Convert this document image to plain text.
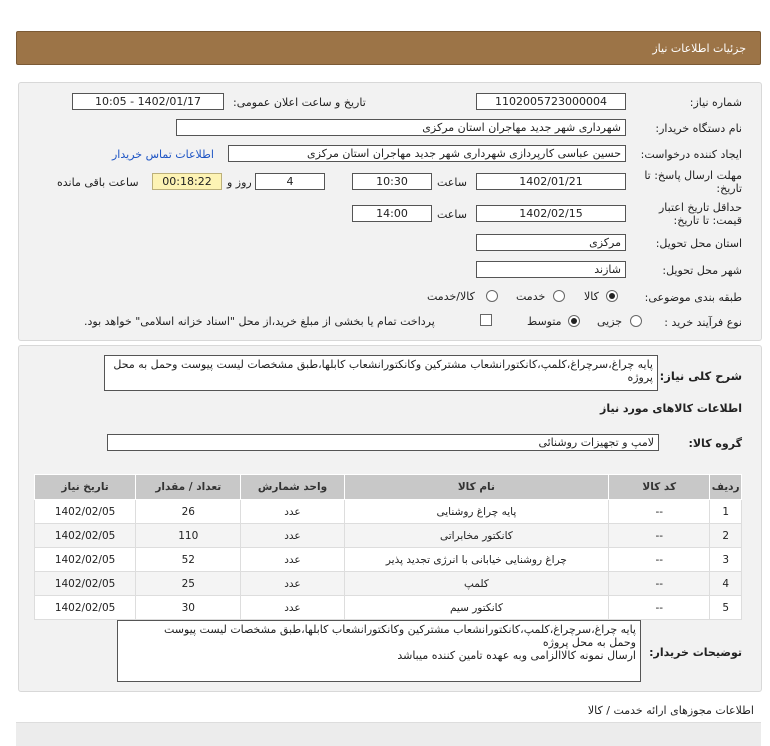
جزئیات اطلاعات نیاز
شماره نیاز:
1102005723000004
تاریخ و ساعت اعلان عمومی:
1402/01/17 - 10:05
نام دستگاه خریدار:
شهرداری شهر جدید مهاجران استان مرکزی
ایجاد کننده درخواست:
حسین عباسی کارپردازی شهرداری شهر جدید مهاجران استان مرکزی
اطلاعات تماس خریدار
مهلت ارسال پاسخ: تا
تاریخ:
1402/01/21
ساعت
10:30
4
روز و
00:18:22
ساعت باقی مانده
حداقل تاریخ اعتبار
قیمت: تا تاریخ:
1402/02/15
ساعت
14:00
استان محل تحویل:
مرکزی
شهر محل تحویل:
شازند
طبقه بندی موضوعی:
کالا
خدمت
کالا/خدمت
نوع فرآیند خرید :
جزیی
متوسط
پرداخت تمام یا بخشی از مبلغ خرید،از محل "اسناد خزانه اسلامی" خواهد بود.
شرح کلی نیاز:
پایه چراغ،سرچراغ،کلمپ،کانکتورانشعاب مشترکین وکانکتورانشعاب کابلها،طبق مشخصات لیست پیوست وحمل به محل پروژه
اطلاعات کالاهای مورد نیاز
گروه کالا:
لامپ و تجهیزات روشنائی
ردیف	کد کالا	نام کالا	واحد شمارش	تعداد / مقدار	تاریخ نیاز
1	--	پایه چراغ روشنایی	عدد	26	1402/02/05
2	--	کانکتور مخابراتی	عدد	110	1402/02/05
3	--	چراغ روشنایی خیابانی با انرژی تجدید پذیر	عدد	52	1402/02/05
4	--	کلمپ	عدد	25	1402/02/05
5	--	کانکتور سیم	عدد	30	1402/02/05
توضیحات خریدار:
پایه چراغ،سرچراغ،کلمپ،کانکتورانشعاب مشترکین وکانکتورانشعاب کابلها،طبق مشخصات لیست پیوست
وحمل به محل پروژه
ارسال نمونه کالاالزامی وبه عهده تامین کننده میباشد
اطلاعات مجوزهای ارائه خدمت / کالا
